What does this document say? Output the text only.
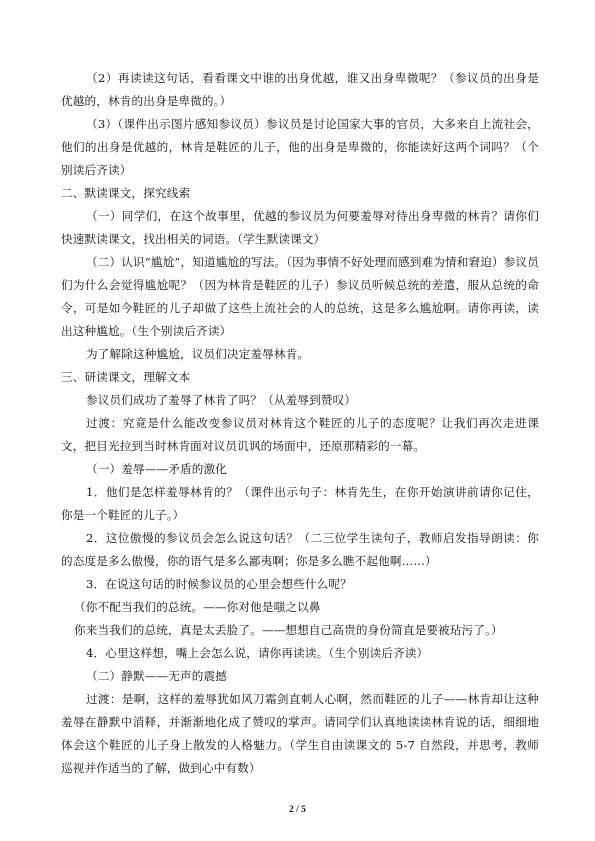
（2）再读读这句话，看看课文中谁的出身优越，谁又出身卑微呢？（参议员的出身是优越的，林肯的出身是卑微的。）

（3）（课件出示图片感知参议员）参议员是讨论国家大事的官员，大多来自上流社会，他们的出身是优越的，林肯是鞋匠的儿子，他的出身是卑微的，你能读好这两个词吗？（个别读后齐读）

二、默读课文，探究线索

（一）同学们，在这个故事里，优越的参议员为何要羞辱对待出身卑微的林肯？请你们快速默读课文，找出相关的词语。（学生默读课文）

（二）认识“尴尬”，知道尴尬的写法。（因为事情不好处理而感到难为情和窘迫）参议员们为什么会觉得尴尬呢？（因为林肯是鞋匠的儿子）参议员听候总统的差遣，服从总统的命令，可是如今鞋匠的儿子却做了这些上流社会的人的总统，这是多么尴尬啊。请你再读，读出这种尴尬。（生个别读后齐读）

为了解除这种尴尬，议员们决定羞辱林肯。

三、研读课文，理解文本

参议员们成功了羞辱了林肯了吗？（从羞辱到赞叹）

过渡：究竟是什么能改变参议员对林肯这个鞋匠的儿子的态度呢？让我们再次走进课文，把目光拉到当时林肯面对议员讥讽的场面中，还原那精彩的一幕。

（一）羞辱——矛盾的激化

1．他们是怎样羞辱林肯的？（课件出示句子：林肯先生，在你开始演讲前请你记住，你是一个鞋匠的儿子。）

2．这位傲慢的参议员会怎么说这句话？（二三位学生读句子，教师启发指导朗读：你的态度是多么傲慢，你的语气是多么鄙夷啊；你是多么瞧不起他啊……）

3．在说这句话的时候参议员的心里会想些什么呢？

（你不配当我们的总统。——你对他是嗤之以鼻

你来当我们的总统，真是太丢脸了。——想想自己高贵的身份简直是要被玷污了。）

4．心里这样想，嘴上会怎么说，请你再读读。（生个别读后齐读）

（二）静默——无声的震撼

过渡：是啊，这样的羞辱犹如风刀霜剑直刺人心啊，然而鞋匠的儿子——林肯却让这种羞辱在静默中消释，并渐渐地化成了赞叹的掌声。请同学们认真地读读林肯说的话，细细地体会这个鞋匠的儿子身上散发的人格魅力。（学生自由读课文的 5-7 自然段，并思考，教师巡视并作适当的了解，做到心中有数）

2 / 5
